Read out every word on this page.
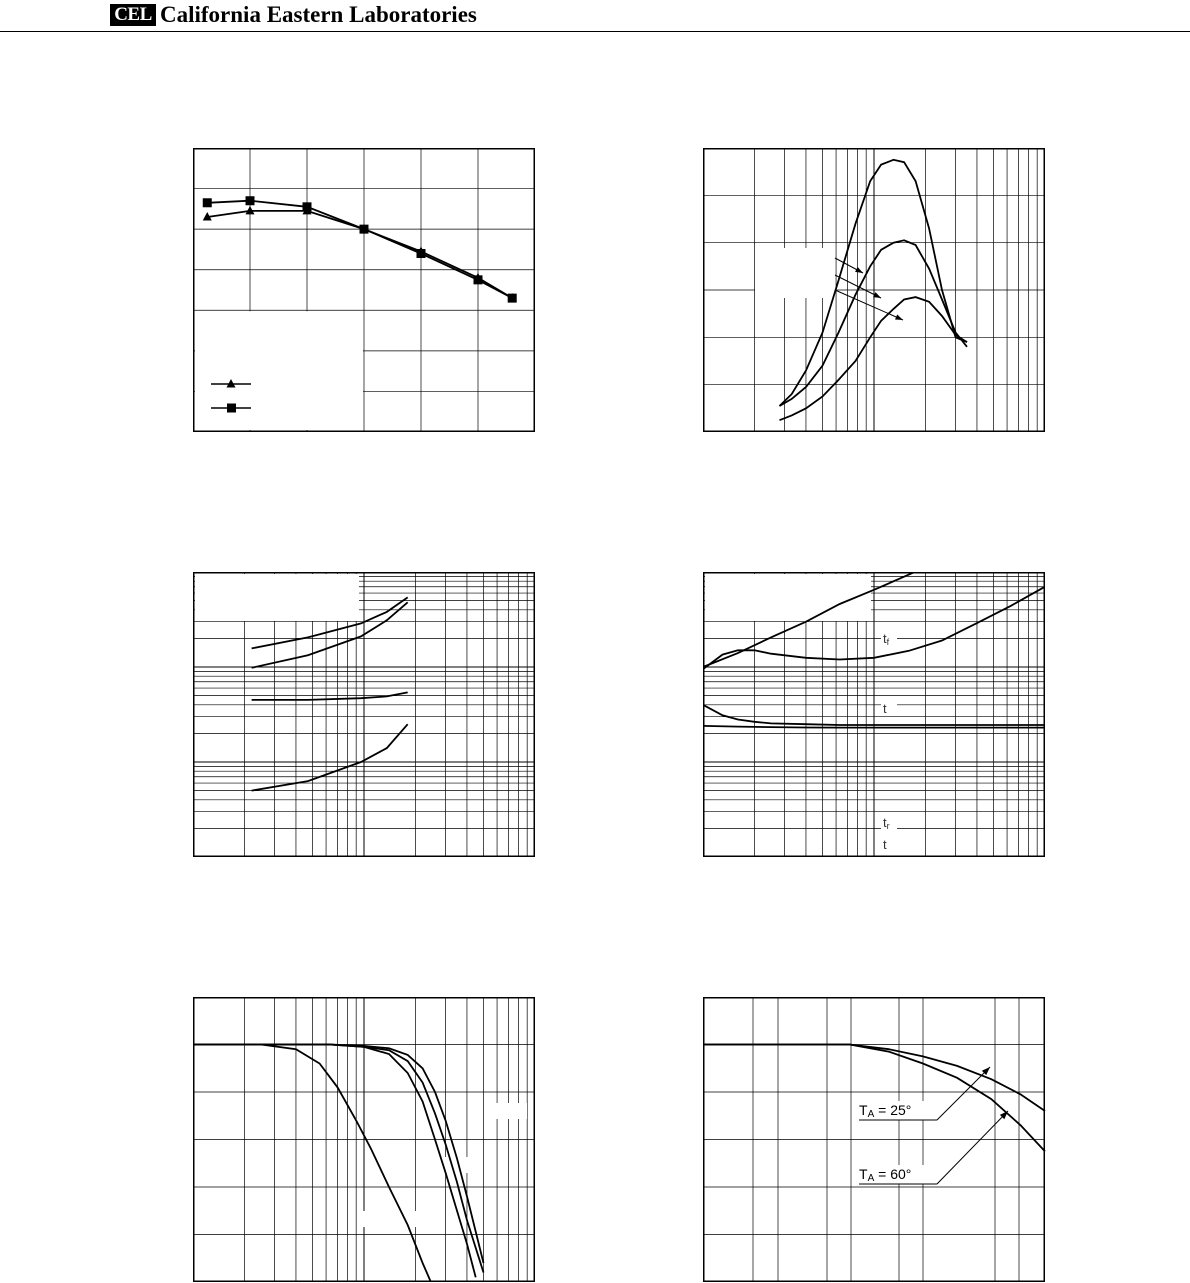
CEL California Eastern Laboratories
tf
t
tr
t
TA = 25°
TA = 60°
